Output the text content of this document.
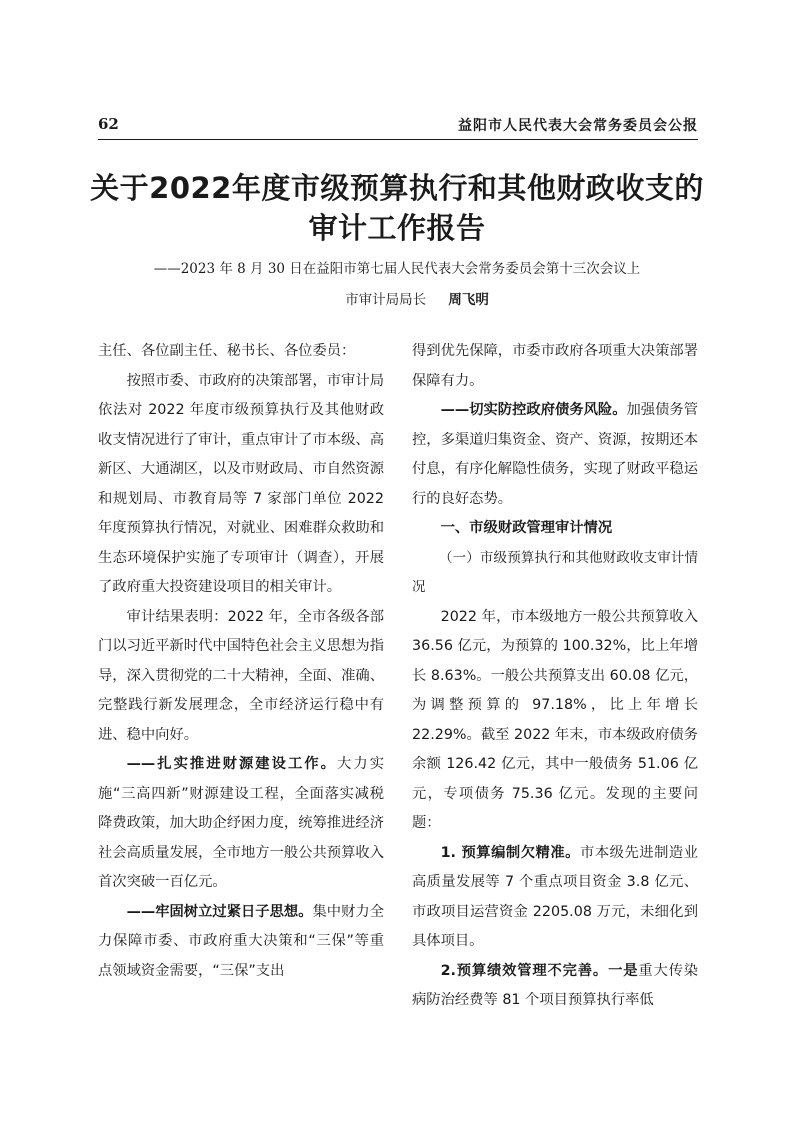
62	益阳市人民代表大会常务委员会公报
关于2022年度市级预算执行和其他财政收支的
审计工作报告

——2023 年 8 月 30 日在益阳市第七届人民代表大会常务委员会第十三次会议上

市审计局局长 周飞明

主任、各位副主任、秘书长、各位委员：

按照市委、市政府的决策部署，市审计局依法对 2022 年度市级预算执行及其他财政收支情况进行了审计，重点审计了市本级、高新区、大通湖区，以及市财政局、市自然资源和规划局、市教育局等 7 家部门单位 2022 年度预算执行情况，对就业、困难群众救助和生态环境保护实施了专项审计（调查），开展了政府重大投资建设项目的相关审计。

审计结果表明：2022 年，全市各级各部门以习近平新时代中国特色社会主义思想为指导，深入贯彻党的二十大精神，全面、准确、完整践行新发展理念，全市经济运行稳中有进、稳中向好。

——扎实推进财源建设工作。大力实施“三高四新”财源建设工程，全面落实减税降费政策，加大助企纾困力度，统筹推进经济社会高质量发展，全市地方一般公共预算收入首次突破一百亿元。

——牢固树立过紧日子思想。集中财力全力保障市委、市政府重大决策和“三保”等重点领域资金需要，“三保”支出

得到优先保障，市委市政府各项重大决策部署保障有力。

——切实防控政府债务风险。加强债务管控，多渠道归集资金、资产、资源，按期还本付息，有序化解隐性债务，实现了财政平稳运行的良好态势。

一、市级财政管理审计情况

（一）市级预算执行和其他财政收支审计情况

2022 年，市本级地方一般公共预算收入 36.56 亿元，为预算的 100.32%，比上年增长 8.63%。一般公共预算支出 60.08 亿元，为调整预算的 97.18%，比上年增长 22.29%。截至 2022 年末，市本级政府债务余额 126.42 亿元，其中一般债务 51.06 亿元，专项债务 75.36 亿元。发现的主要问题：

1. 预算编制欠精准。市本级先进制造业高质量发展等 7 个重点项目资金 3.8 亿元、市政项目运营资金 2205.08 万元，未细化到具体项目。

2.预算绩效管理不完善。一是重大传染病防治经费等 81 个项目预算执行率低
